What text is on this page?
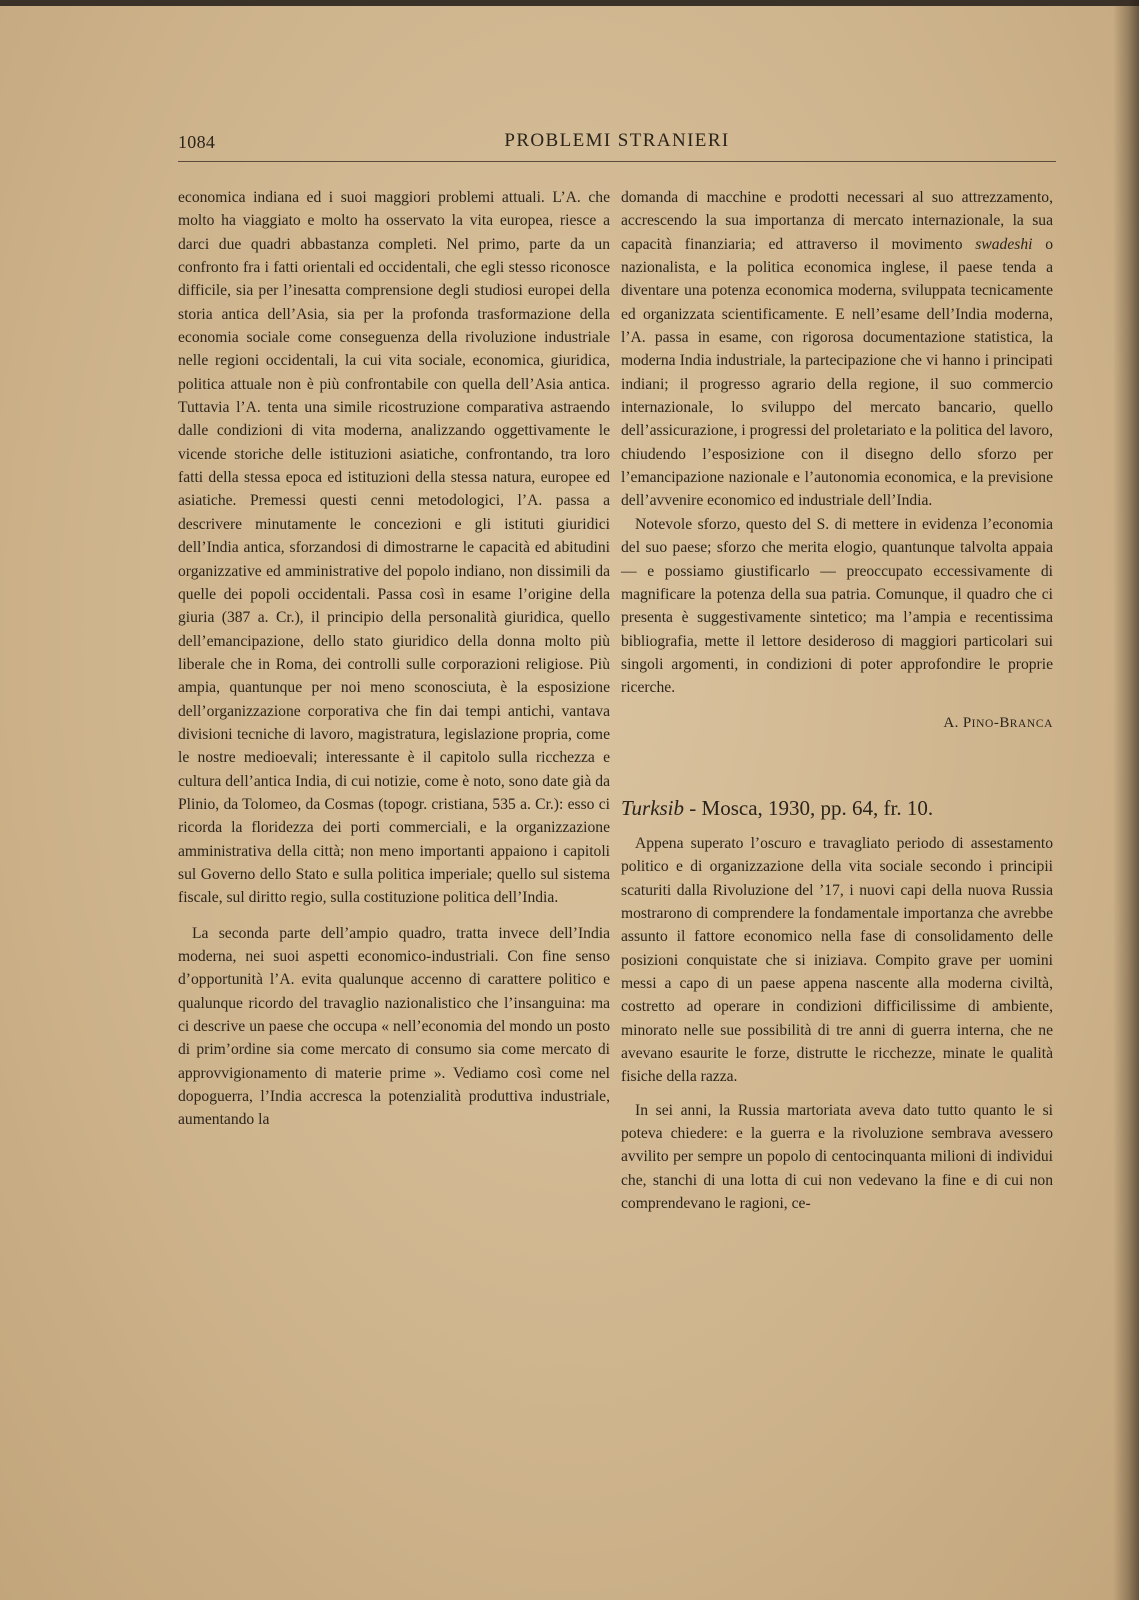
1084	PROBLEMI STRANIERI

economica indiana ed i suoi maggiori problemi attuali. L’A. che molto ha viaggiato e molto ha osservato la vita europea, riesce a darci due quadri abbastanza completi. Nel primo, parte da un confronto fra i fatti orientali ed occidentali, che egli stesso riconosce difficile, sia per l’inesatta comprensione degli studiosi europei della storia antica dell’Asia, sia per la profonda trasformazione della economia sociale come conseguenza della rivoluzione industriale nelle regioni occidentali, la cui vita sociale, economica, giuridica, politica attuale non è più confrontabile con quella dell’Asia antica. Tuttavia l’A. tenta una simile ricostruzione comparativa astraendo dalle condizioni di vita moderna, analizzando oggettivamente le vicende storiche delle istituzioni asiatiche, confrontando, tra loro fatti della stessa epoca ed istituzioni della stessa natura, europee ed asiatiche. Premessi questi cenni metodologici, l’A. passa a descrivere minutamente le concezioni e gli istituti giuridici dell’India antica, sforzandosi di dimostrarne le capacità ed abitudini organizzative ed amministrative del popolo indiano, non dissimili da quelle dei popoli occidentali. Passa così in esame l’origine della giuria (387 a. Cr.), il principio della personalità giuridica, quello dell’emancipazione, dello stato giuridico della donna molto più liberale che in Roma, dei controlli sulle corporazioni religiose. Più ampia, quantunque per noi meno sconosciuta, è la esposizione dell’organizzazione corporativa che fin dai tempi antichi, vantava divisioni tecniche di lavoro, magistratura, legislazione propria, come le nostre medioevali; interessante è il capitolo sulla ricchezza e cultura dell’antica India, di cui notizie, come è noto, sono date già da Plinio, da Tolomeo, da Cosmas (topogr. cristiana, 535 a. Cr.): esso ci ricorda la floridezza dei porti commerciali, e la organizzazione amministrativa della città; non meno importanti appaiono i capitoli sul Governo dello Stato e sulla politica imperiale; quello sul sistema fiscale, sul diritto regio, sulla costituzione politica dell’India.

La seconda parte dell’ampio quadro, tratta invece dell’India moderna, nei suoi aspetti economico-industriali. Con fine senso d’opportunità l’A. evita qualunque accenno di carattere politico e qualunque ricordo del travaglio nazionalistico che l’insanguina: ma ci descrive un paese che occupa « nell’economia del mondo un posto di prim’ordine sia come mercato di consumo sia come mercato di approvvigionamento di materie prime ». Vediamo così come nel dopoguerra, l’India accresca la potenzialità produttiva industriale, aumentando la

domanda di macchine e prodotti necessari al suo attrezzamento, accrescendo la sua importanza di mercato internazionale, la sua capacità finanziaria; ed attraverso il movimento swadeshi o nazionalista, e la politica economica inglese, il paese tenda a diventare una potenza economica moderna, sviluppata tecnicamente ed organizzata scientificamente. E nell’esame dell’India moderna, l’A. passa in esame, con rigorosa documentazione statistica, la moderna India industriale, la partecipazione che vi hanno i principati indiani; il progresso agrario della regione, il suo commercio internazionale, lo sviluppo del mercato bancario, quello dell’assicurazione, i progressi del proletariato e la politica del lavoro, chiudendo l’esposizione con il disegno dello sforzo per l’emancipazione nazionale e l’autonomia economica, e la previsione dell’avvenire economico ed industriale dell’India.

Notevole sforzo, questo del S. di mettere in evidenza l’economia del suo paese; sforzo che merita elogio, quantunque talvolta appaia — e possiamo giustificarlo — preoccupato eccessivamente di magnificare la potenza della sua patria. Comunque, il quadro che ci presenta è suggestivamente sintetico; ma l’ampia e recentissima bibliografia, mette il lettore desideroso di maggiori particolari sui singoli argomenti, in condizioni di poter approfondire le proprie ricerche.

A. PINO-BRANCA

Turksib - Mosca, 1930, pp. 64, fr. 10.

Appena superato l’oscuro e travagliato periodo di assestamento politico e di organizzazione della vita sociale secondo i principii scaturiti dalla Rivoluzione del ’17, i nuovi capi della nuova Russia mostrarono di comprendere la fondamentale importanza che avrebbe assunto il fattore economico nella fase di consolidamento delle posizioni conquistate che si iniziava. Compito grave per uomini messi a capo di un paese appena nascente alla moderna civiltà, costretto ad operare in condizioni difficilissime di ambiente, minorato nelle sue possibilità di tre anni di guerra interna, che ne avevano esaurite le forze, distrutte le ricchezze, minate le qualità fisiche della razza.

In sei anni, la Russia martoriata aveva dato tutto quanto le si poteva chiedere: e la guerra e la rivoluzione sembrava avessero avvilito per sempre un popolo di centocinquanta milioni di individui che, stanchi di una lotta di cui non vedevano la fine e di cui non comprendevano le ragioni, ce-
